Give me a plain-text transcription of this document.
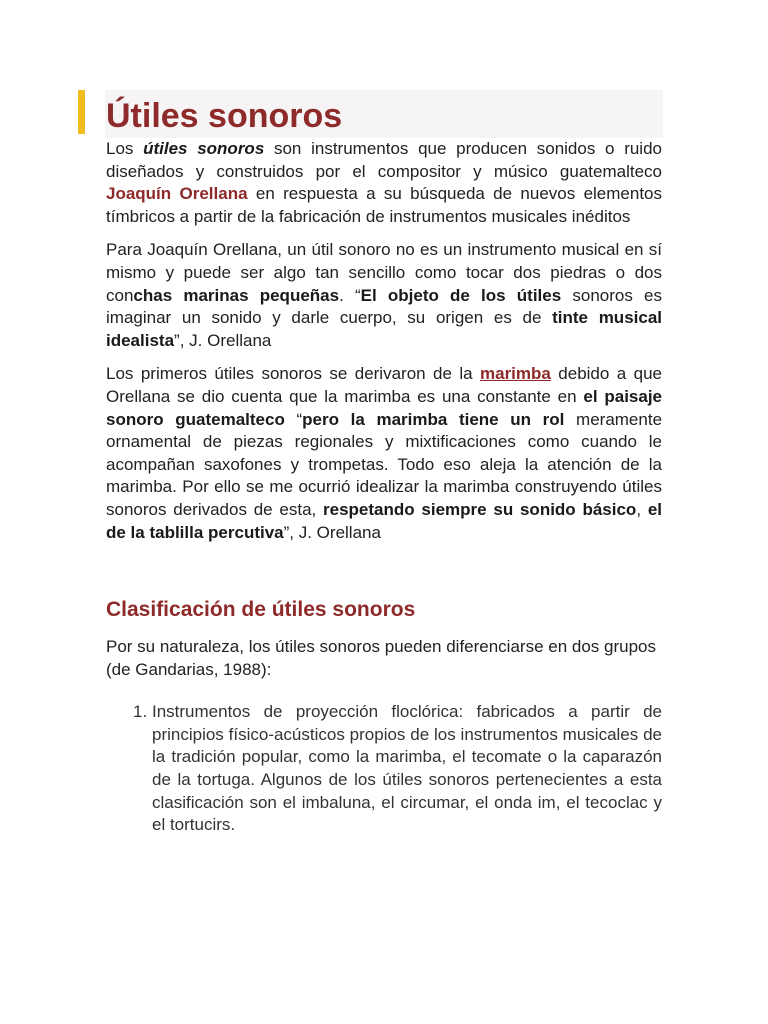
Útiles sonoros

Los útiles sonoros son instrumentos que producen sonidos o ruido diseñados y construidos por el compositor y músico guatemalteco Joaquín Orellana en respuesta a su búsqueda de nuevos elementos tímbricos a partir de la fabricación de instrumentos musicales inéditos

Para Joaquín Orellana, un útil sonoro no es un instrumento musical en sí mismo y puede ser algo tan sencillo como tocar dos piedras o dos conchas marinas pequeñas. “El objeto de los útiles sonoros es imaginar un sonido y darle cuerpo, su origen es de tinte musical idealista”, J. Orellana

Los primeros útiles sonoros se derivaron de la marimba debido a que Orellana se dio cuenta que la marimba es una constante en el paisaje sonoro guatemalteco “pero la marimba tiene un rol meramente ornamental de piezas regionales y mixtificaciones como cuando le acompañan saxofones y trompetas. Todo eso aleja la atención de la marimba. Por ello se me ocurrió idealizar la marimba construyendo útiles sonoros derivados de esta, respetando siempre su sonido básico, el de la tablilla percutiva”, J. Orellana

Clasificación de útiles sonoros

Por su naturaleza, los útiles sonoros pueden diferenciarse en dos grupos (de Gandarias, 1988):

1. Instrumentos de proyección floclórica: fabricados a partir de principios físico-acústicos propios de los instrumentos musicales de la tradición popular, como la marimba, el tecomate o la caparazón de la tortuga. Algunos de los útiles sonoros pertenecientes a esta clasificación son el imbaluna, el circumar, el onda im, el tecoclac y el tortucirs.
